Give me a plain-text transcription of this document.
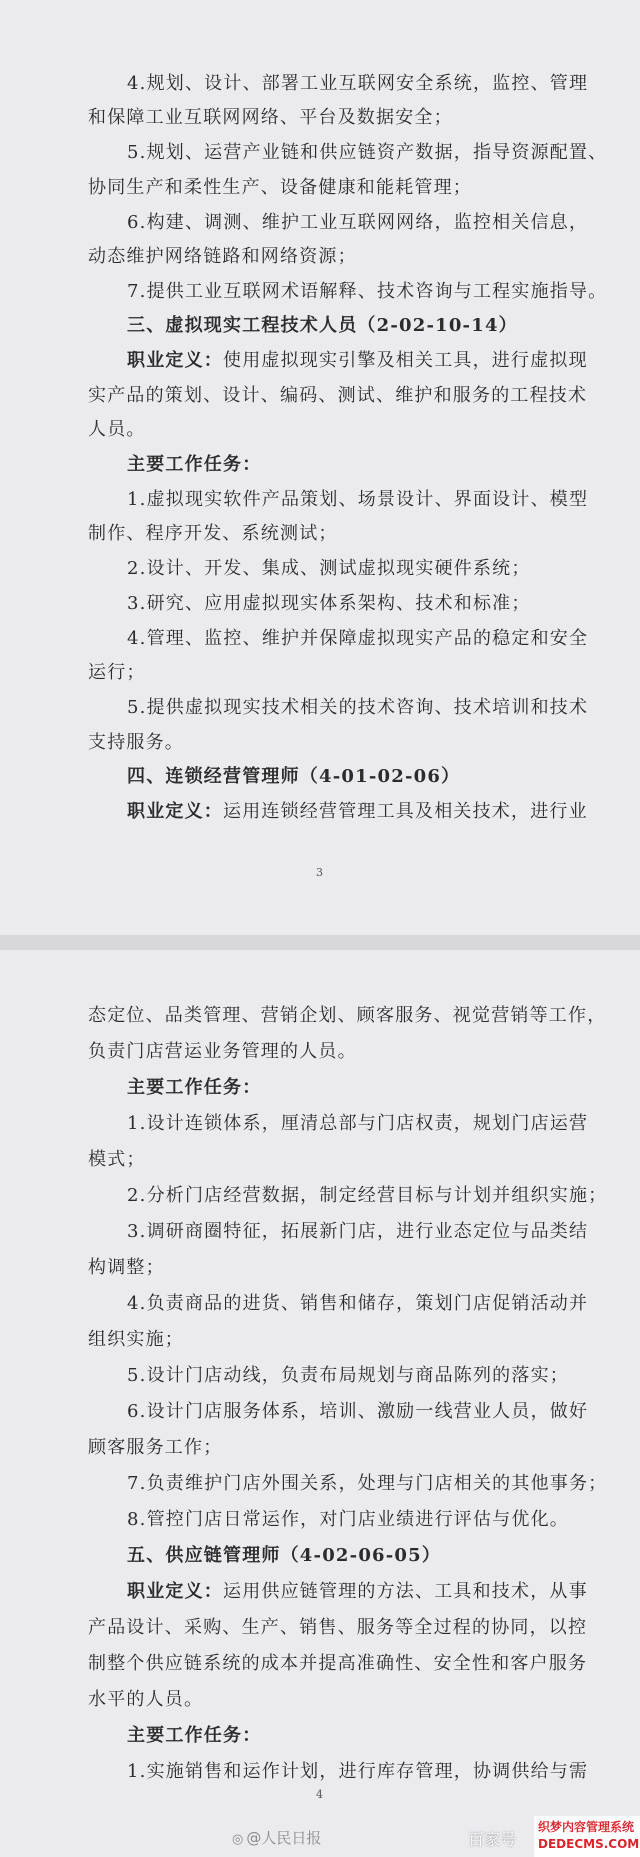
4.规划、设计、部署工业互联网安全系统，监控、管理
和保障工业互联网网络、平台及数据安全；
5.规划、运营产业链和供应链资产数据，指导资源配置、
协同生产和柔性生产、设备健康和能耗管理；
6.构建、调测、维护工业互联网网络，监控相关信息，
动态维护网络链路和网络资源；
7.提供工业互联网术语解释、技术咨询与工程实施指导。
三、虚拟现实工程技术人员（2-02-10-14）
职业定义：使用虚拟现实引擎及相关工具，进行虚拟现
实产品的策划、设计、编码、测试、维护和服务的工程技术
人员。
主要工作任务：
1.虚拟现实软件产品策划、场景设计、界面设计、模型
制作、程序开发、系统测试；
2.设计、开发、集成、测试虚拟现实硬件系统；
3.研究、应用虚拟现实体系架构、技术和标准；
4.管理、监控、维护并保障虚拟现实产品的稳定和安全
运行；
5.提供虚拟现实技术相关的技术咨询、技术培训和技术
支持服务。
四、连锁经营管理师（4-01-02-06）
职业定义：运用连锁经营管理工具及相关技术，进行业
态定位、品类管理、营销企划、顾客服务、视觉营销等工作，
负责门店营运业务管理的人员。
主要工作任务：
1.设计连锁体系，厘清总部与门店权责，规划门店运营
模式；
2.分析门店经营数据，制定经营目标与计划并组织实施；
3.调研商圈特征，拓展新门店，进行业态定位与品类结
构调整；
4.负责商品的进货、销售和储存，策划门店促销活动并
组织实施；
5.设计门店动线，负责布局规划与商品陈列的落实；
6.设计门店服务体系，培训、激励一线营业人员，做好
顾客服务工作；
7.负责维护门店外围关系，处理与门店相关的其他事务；
8.管控门店日常运作，对门店业绩进行评估与优化。
五、供应链管理师（4-02-06-05）
职业定义：运用供应链管理的方法、工具和技术，从事
产品设计、采购、生产、销售、服务等全过程的协同，以控
制整个供应链系统的成本并提高准确性、安全性和客户服务
水平的人员。
主要工作任务：
1.实施销售和运作计划，进行库存管理，协调供给与需
3
4
◎ @人民日报	百家号
织梦内容管理系统
DEDECMS.COM
